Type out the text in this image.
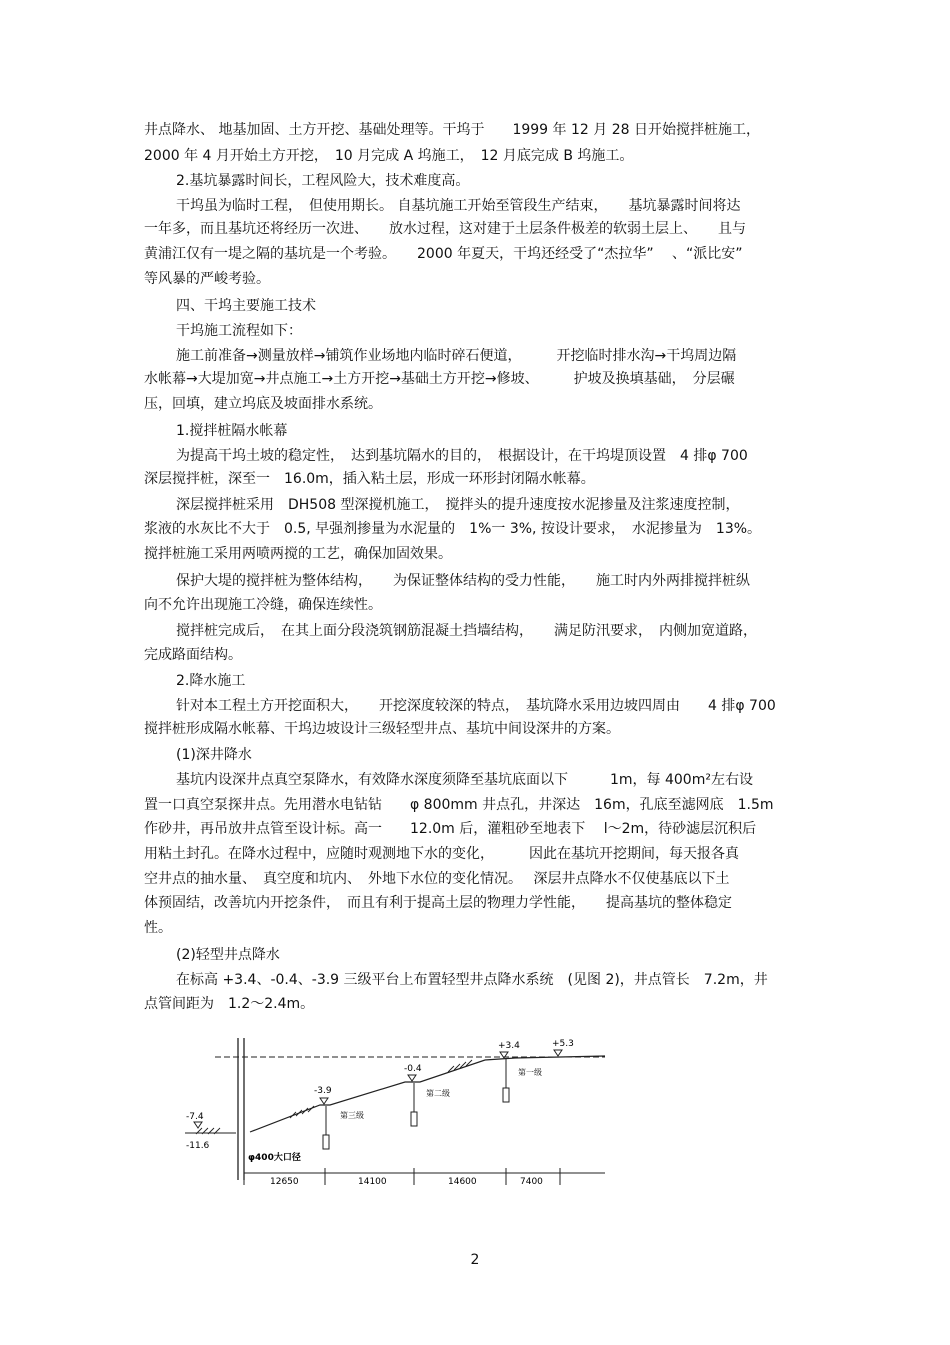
井点降水、 地基加固、土方开挖、基础处理等。干坞于　　1999 年 12 月 28 日开始搅拌桩施工，
2000 年 4 月开始土方开挖，　10 月完成 A 坞施工，　12 月底完成 B 坞施工。
2.基坑暴露时间长，工程风险大，技术难度高。
干坞虽为临时工程，　但使用期长。 自基坑施工开始至管段生产结束，　　基坑暴露时间将达
一年多，而且基坑还将经历一次进、　　放水过程，这对建于土层条件极差的软弱土层上、　　且与
黄浦江仅有一堤之隔的基坑是一个考验。　　2000 年夏天，干坞还经受了“杰拉华”　 、“派比安”
等风暴的严峻考验。
四、干坞主要施工技术
干坞施工流程如下：
施工前准备→测量放样→铺筑作业场地内临时碎石便道，　　　开挖临时排水沟→干坞周边隔
水帐幕→大堤加宽→井点施工→土方开挖→基础土方开挖→修坡、　　　护坡及换填基础，　分层碾
压，回填，建立坞底及坡面排水系统。
1.搅拌桩隔水帐幕
为提高干坞土坡的稳定性，　达到基坑隔水的目的，　根据设计，在干坞堤顶设置　4 排φ 700
深层搅拌桩，深至一　16.0m，插入粘土层，形成一环形封闭隔水帐幕。
深层搅拌桩采用　DH508 型深搅机施工，　搅拌头的提升速度按水泥掺量及注浆速度控制，
浆液的水灰比不大于　0.5, 早强剂掺量为水泥量的　1%一 3%, 按设计要求，　水泥掺量为　13%。
搅拌桩施工采用两喷两搅的工艺，确保加固效果。
保护大堤的搅拌桩为整体结构，　　为保证整体结构的受力性能，　　施工时内外两排搅拌桩纵
向不允许出现施工冷缝，确保连续性。
搅拌桩完成后，　在其上面分段浇筑钢筋混凝土挡墙结构，　　满足防汛要求，　内侧加宽道路，
完成路面结构。
2.降水施工
针对本工程土方开挖面积大，　　开挖深度较深的特点，　基坑降水采用边坡四周由　　4 排φ 700
搅拌桩形成隔水帐幕、干坞边坡设计三级轻型井点、基坑中间设深井的方案。
(1)深井降水
基坑内设深井点真空泵降水，有效降水深度须降至基坑底面以下　　　1m，每 400m²左右设
置一口真空泵探井点。先用潜水电钻钻　　φ 800mm 井点孔，井深达　16m，孔底至滤网底　1.5m
作砂井，再吊放井点管至设计标。高一　　12.0m 后，灌粗砂至地表下　 l～2m，待砂滤层沉积后
用粘土封孔。在降水过程中，应随时观测地下水的变化，　　　因此在基坑开挖期间，每天报各真
空井点的抽水量、　真空度和坑内、　外地下水位的变化情况。　 深层井点降水不仅使基底以下土
体预固结，改善坑内开挖条件，　而且有利于提高土层的物理力学性能，　　提高基坑的整体稳定
性。
(2)轻型井点降水
在标高 +3.4、-0.4、-3.9 三级平台上布置轻型井点降水系统　(见图 2)，井点管长　7.2m，井
点管间距为　1.2～2.4m。
+3.4	+5.3
-0.4
-3.9
-7.4
-11.6
第一级
第二级
第三级
φ400大口径
12650	14100	14600	7400
2
